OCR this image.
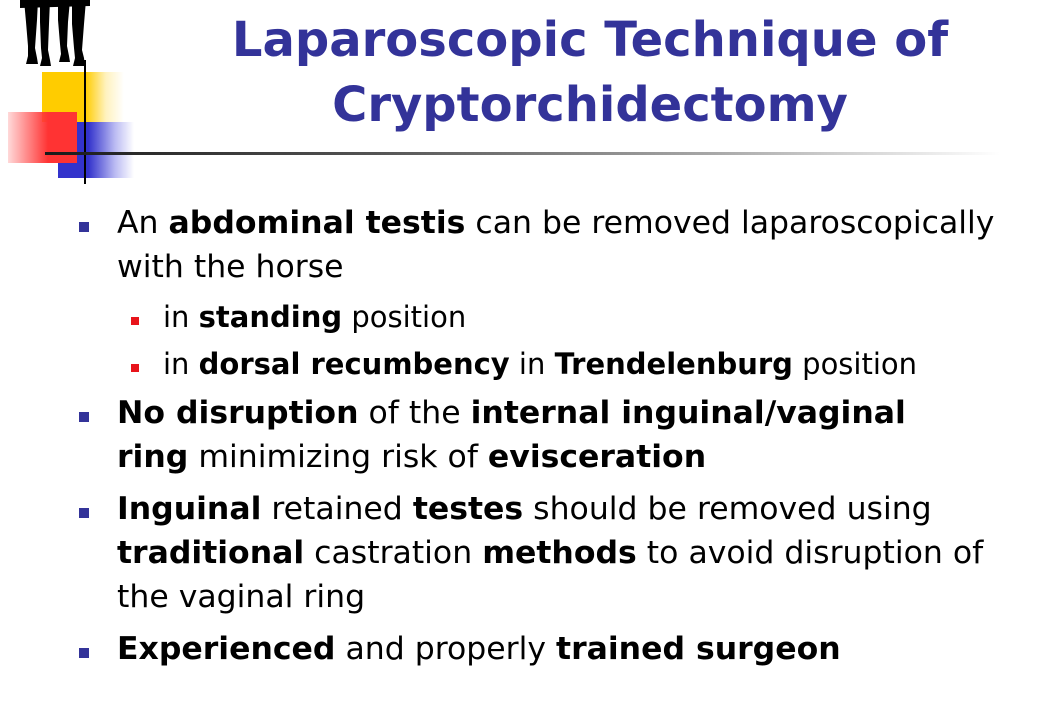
Laparoscopic Technique of
Cryptorchidectomy
An abdominal testis can be removed laparoscopically
with the horse
in standing position
in dorsal recumbency in Trendelenburg position
No disruption of the internal inguinal/vaginal
ring minimizing risk of evisceration
Inguinal retained testes should be removed using
traditional castration methods to avoid disruption of
the vaginal ring
Experienced and properly trained surgeon
